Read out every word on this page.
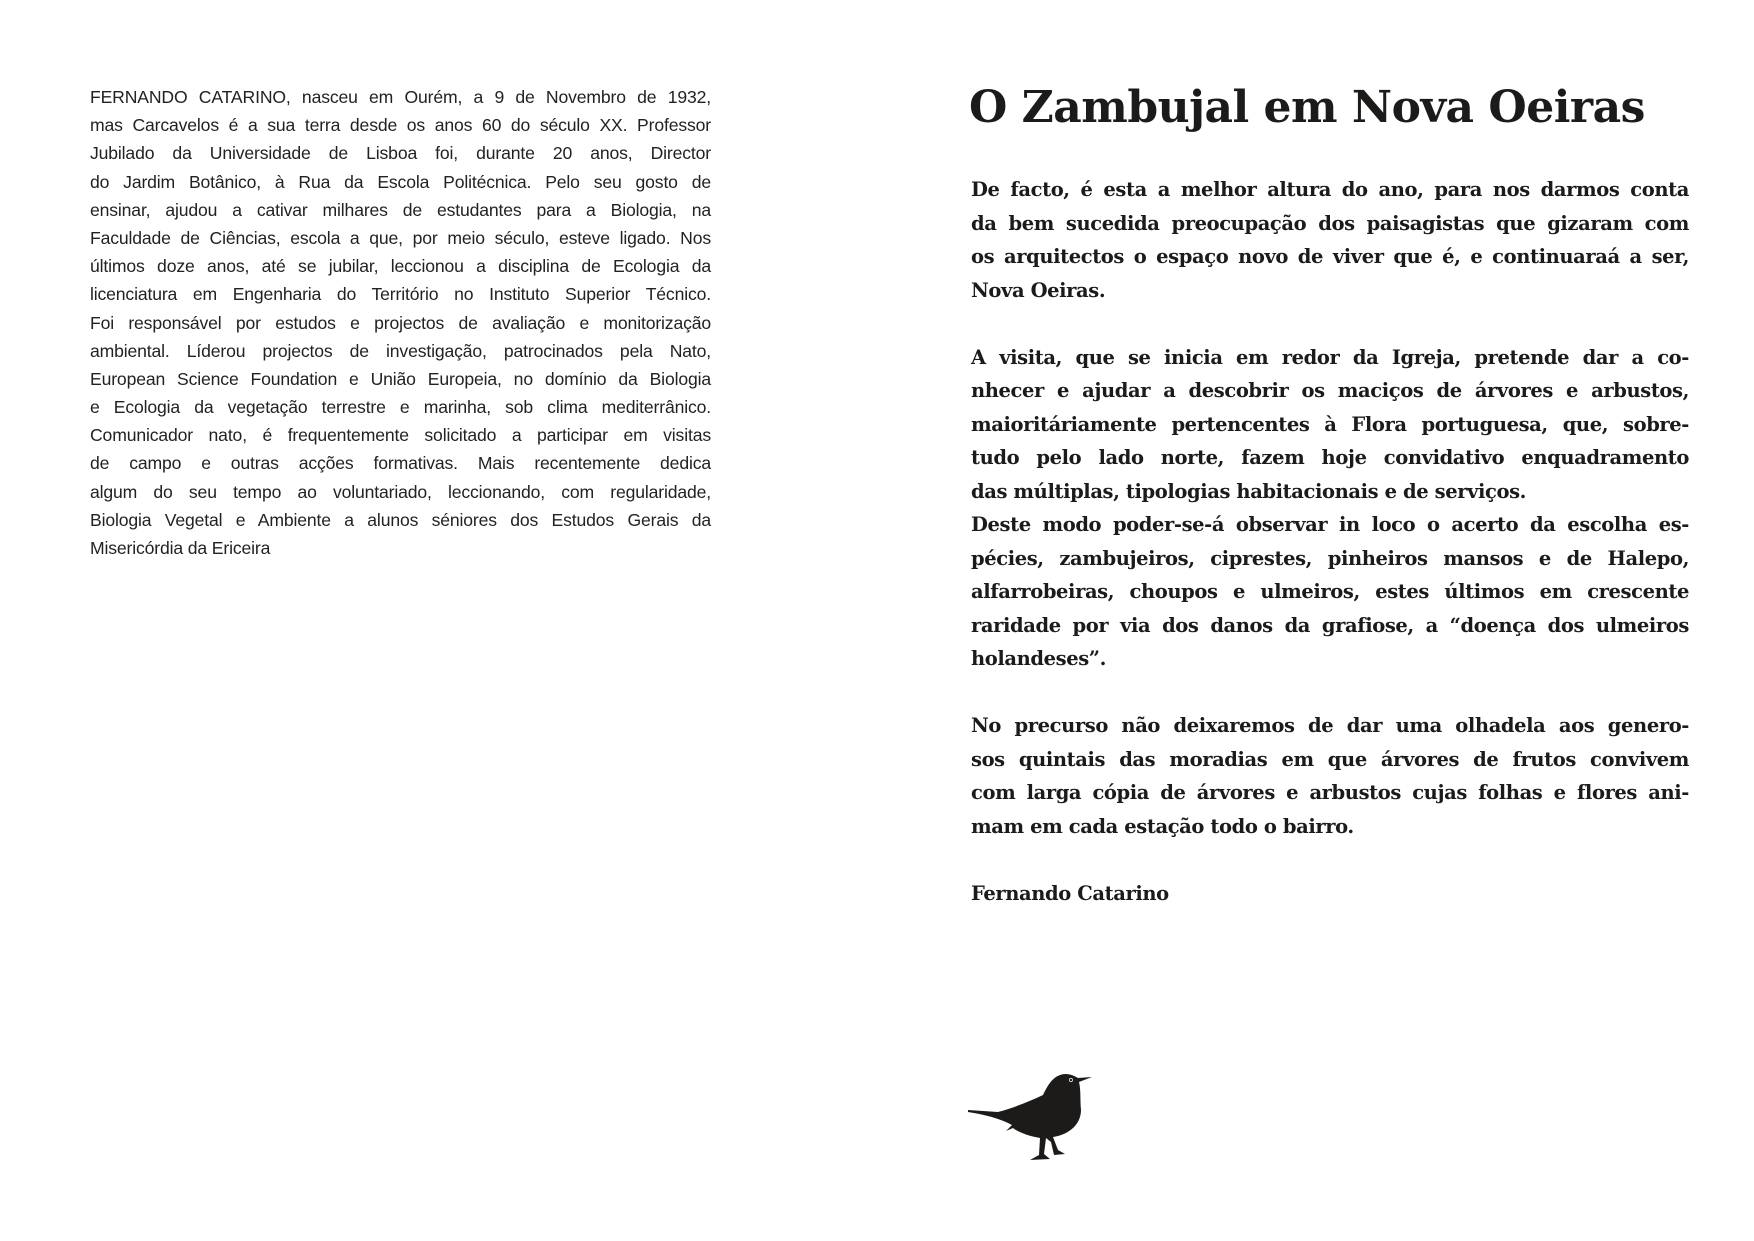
FERNANDO CATARINO, nasceu em Ourém, a 9 de Novembro de 1932,
mas Carcavelos é a sua terra desde os anos 60 do século XX. Professor
Jubilado da Universidade de Lisboa foi, durante 20 anos, Director
do Jardim Botânico, à Rua da Escola Politécnica. Pelo seu gosto de
ensinar, ajudou a cativar milhares de estudantes para a Biologia, na
Faculdade de Ciências, escola a que, por meio século, esteve ligado. Nos
últimos doze anos, até se jubilar, leccionou a disciplina de Ecologia da
licenciatura em Engenharia do Território no Instituto Superior Técnico.
Foi responsável por estudos e projectos de avaliação e monitorização
ambiental. Líderou projectos de investigação, patrocinados pela Nato,
European Science Foundation e União Europeia, no domínio da Biologia
e Ecologia da vegetação terrestre e marinha, sob clima mediterrânico.
Comunicador nato, é frequentemente solicitado a participar em visitas
de campo e outras acções formativas. Mais recentemente dedica
algum do seu tempo ao voluntariado, leccionando, com regularidade,
Biologia Vegetal e Ambiente a alunos séniores dos Estudos Gerais da
Misericórdia da Ericeira
O Zambujal em Nova Oeiras
De facto, é esta a melhor altura do ano, para nos darmos conta
da bem sucedida preocupação dos paisagistas que gizaram com
os arquitectos o espaço novo de viver que é, e continuaraá a ser,
Nova Oeiras.

A visita, que se inicia em redor da Igreja, pretende dar a co-
nhecer e ajudar a descobrir os maciços de árvores e arbustos,
maioritáriamente pertencentes à Flora portuguesa, que, sobre-
tudo pelo lado norte, fazem hoje convidativo enquadramento
das múltiplas, tipologias habitacionais e de serviços.
Deste modo poder-se-á observar in loco o acerto da escolha es-
pécies, zambujeiros, ciprestes, pinheiros mansos e de Halepo,
alfarrobeiras, choupos e ulmeiros, estes últimos em crescente
raridade por via dos danos da grafiose, a “doença dos ulmeiros
holandeses”.

No precurso não deixaremos de dar uma olhadela aos genero-
sos quintais das moradias em que árvores de frutos convivem
com larga cópia de árvores e arbustos cujas folhas e flores ani-
mam em cada estação todo o bairro.

Fernando Catarino
